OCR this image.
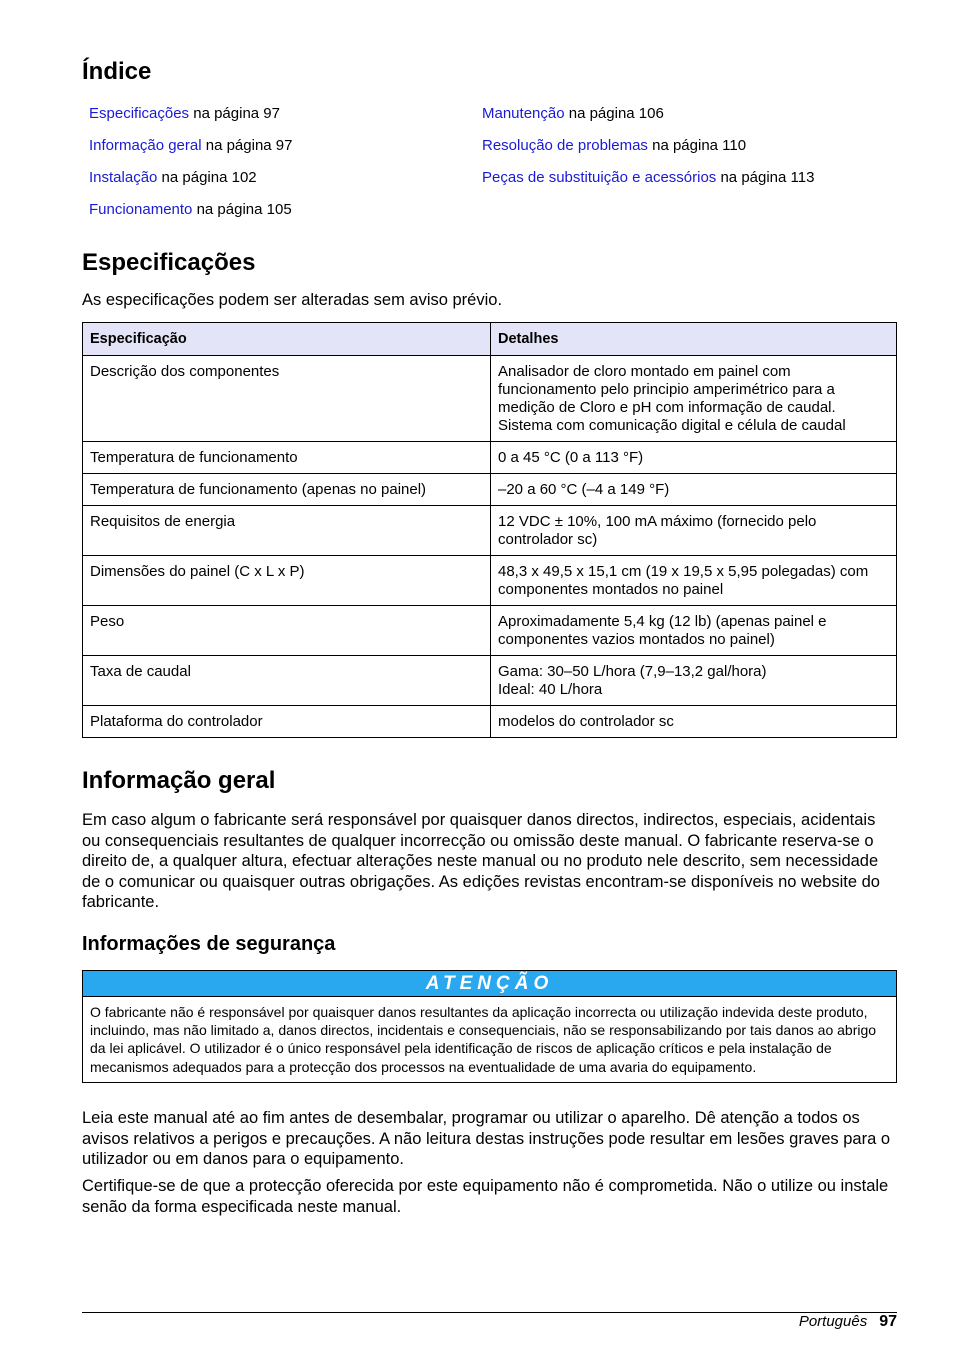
Índice
Especificações na página 97
Informação geral na página 97
Instalação na página 102
Funcionamento na página 105
Manutenção na página 106
Resolução de problemas na página 110
Peças de substituição e acessórios na página 113
Especificações

As especificações podem ser alteradas sem aviso prévio.

Especificação	Detalhes
Descrição dos componentes	Analisador de cloro montado em painel com funcionamento pelo principio amperimétrico para a medição de Cloro e pH com informação de caudal. Sistema com comunicação digital e célula de caudal
Temperatura de funcionamento	0 a 45 °C (0 a 113 °F)
Temperatura de funcionamento (apenas no painel)	–20 a 60 °C (–4 a 149 °F)
Requisitos de energia	12 VDC ± 10%, 100 mA máximo (fornecido pelo controlador sc)
Dimensões do painel (C x L x P)	48,3 x 49,5 x 15,1 cm (19 x 19,5 x 5,95 polegadas) com componentes montados no painel
Peso	Aproximadamente 5,4 kg (12 lb) (apenas painel e componentes vazios montados no painel)
Taxa de caudal	Gama: 30–50 L/hora (7,9–13,2 gal/hora)
Ideal: 40 L/hora
Plataforma do controlador	modelos do controlador sc
Informação geral

Em caso algum o fabricante será responsável por quaisquer danos directos, indirectos, especiais, acidentais ou consequenciais resultantes de qualquer incorrecção ou omissão deste manual. O fabricante reserva-se o direito de, a qualquer altura, efectuar alterações neste manual ou no produto nele descrito, sem necessidade de o comunicar ou quaisquer outras obrigações. As edições revistas encontram-se disponíveis no website do fabricante.

Informações de segurança
ATENÇÃO
O fabricante não é responsável por quaisquer danos resultantes da aplicação incorrecta ou utilização indevida deste produto, incluindo, mas não limitado a, danos directos, incidentais e consequenciais, não se responsabilizando por tais danos ao abrigo da lei aplicável. O utilizador é o único responsável pela identificação de riscos de aplicação críticos e pela instalação de mecanismos adequados para a protecção dos processos na eventualidade de uma avaria do equipamento.

Leia este manual até ao fim antes de desembalar, programar ou utilizar o aparelho. Dê atenção a todos os avisos relativos a perigos e precauções. A não leitura destas instruções pode resultar em lesões graves para o utilizador ou em danos para o equipamento.

Certifique-se de que a protecção oferecida por este equipamento não é comprometida. Não o utilize ou instale senão da forma especificada neste manual.

Português 97
